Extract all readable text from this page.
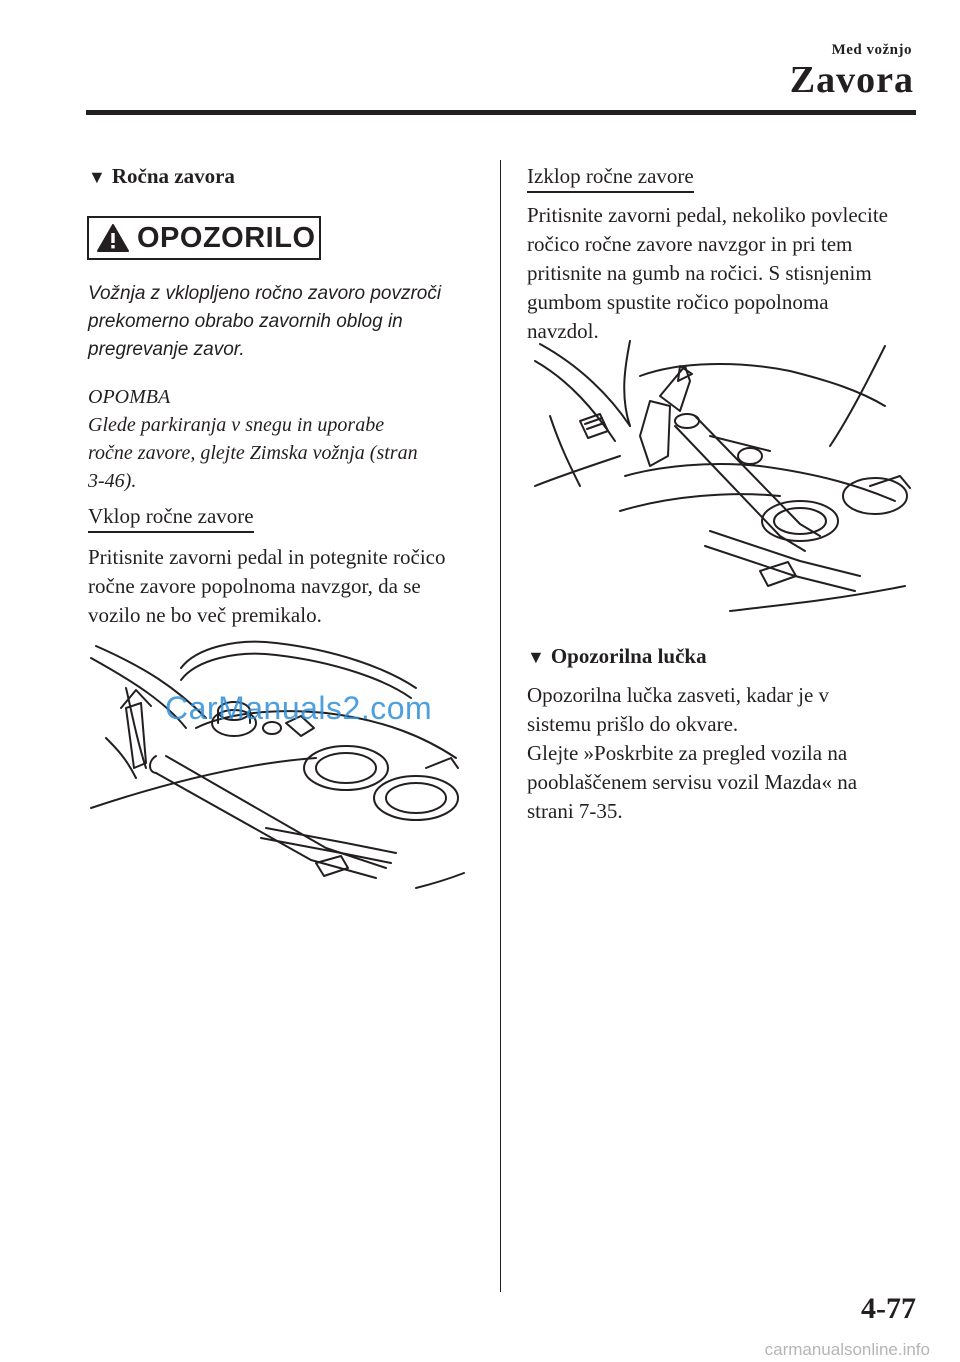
Med vožnjo
Zavora
▼ Ročna zavora
OPOZORILO
Vožnja z vklopljeno ročno zavoro povzroči
prekomerno obrabo zavornih oblog in
pregrevanje zavor.
OPOMBA
Glede parkiranja v snegu in uporabe
ročne zavore, glejte Zimska vožnja (stran
3-46).
Vklop ročne zavore
Pritisnite zavorni pedal in potegnite ročico
ročne zavore popolnoma navzgor, da se
vozilo ne bo več premikalo.
CarManuals2.com
Izklop ročne zavore
Pritisnite zavorni pedal, nekoliko povlecite
ročico ročne zavore navzgor in pri tem
pritisnite na gumb na ročici. S stisnjenim
gumbom spustite ročico popolnoma
navzdol.
▼ Opozorilna lučka
Opozorilna lučka zasveti, kadar je v
sistemu prišlo do okvare.
Glejte »Poskrbite za pregled vozila na
pooblaščenem servisu vozil Mazda« na
strani 7-35.
4-77
carmanualsonline.info
